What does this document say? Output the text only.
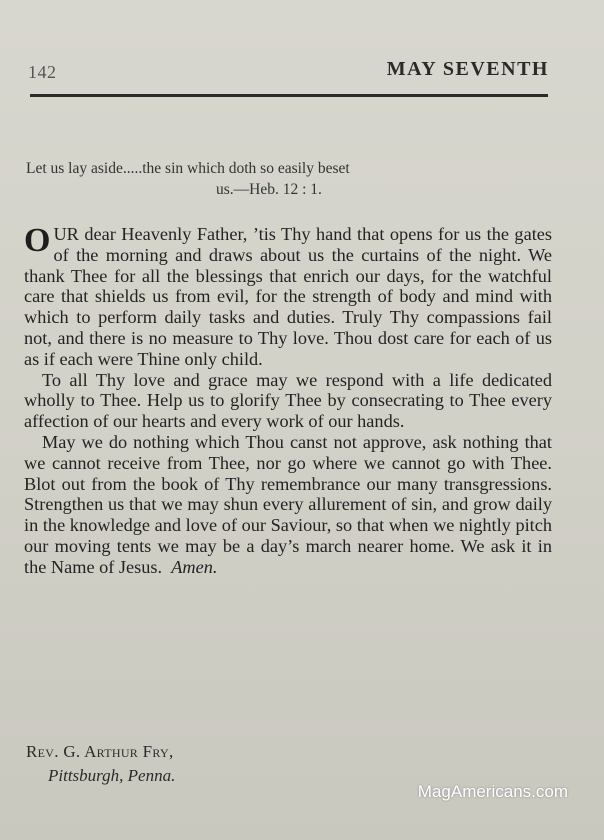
142	MAY SEVENTH
Let us lay aside.....the sin which doth so easily beset
us.—Heb. 12 : 1.

OUR dear Heavenly Father, ’tis Thy hand that opens for us the gates of the morning and draws about us the curtains of the night. We thank Thee for all the blessings that enrich our days, for the watchful care that shields us from evil, for the strength of body and mind with which to perform daily tasks and duties. Truly Thy compassions fail not, and there is no measure to Thy love. Thou dost care for each of us as if each were Thine only child.

To all Thy love and grace may we respond with a life dedicated wholly to Thee. Help us to glorify Thee by consecrating to Thee every affection of our hearts and every work of our hands.

May we do nothing which Thou canst not approve, ask nothing that we cannot receive from Thee, nor go where we cannot go with Thee. Blot out from the book of Thy remembrance our many transgressions. Strengthen us that we may shun every allurement of sin, and grow daily in the knowledge and love of our Saviour, so that when we nightly pitch our moving tents we may be a day’s march nearer home. We ask it in the Name of Jesus. Amen.

Rev. G. Arthur Fry,
Pittsburgh, Penna.
MagAmericans.com
